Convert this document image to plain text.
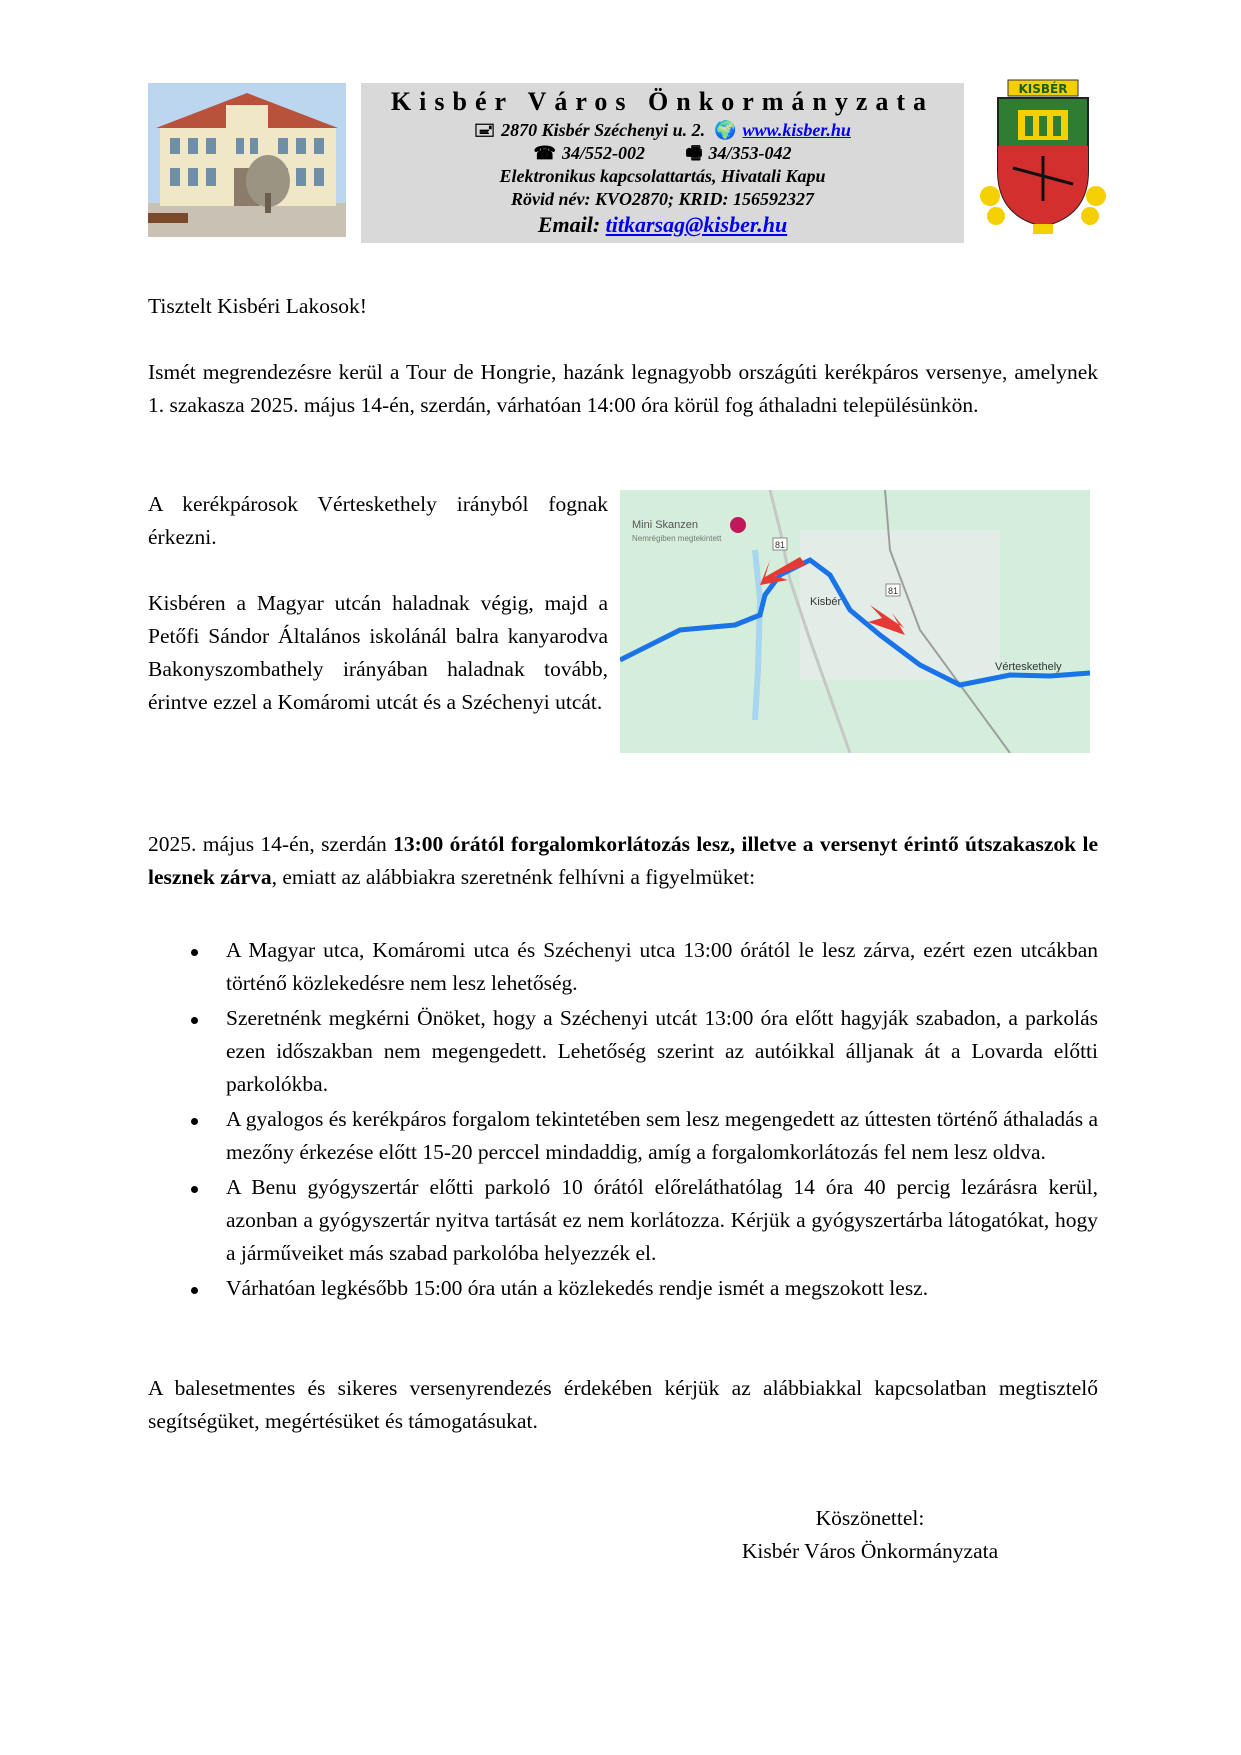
Kisbér Város Önkormányzata
🖃 2870 Kisbér Széchenyi u. 2. 🌍 www.kisber.hu
☎ 34/552-002 🖷 34/353-042
Elektronikus kapcsolattartás, Hivatali Kapu
Rövid név: KVO2870; KRID: 156592327
Email: titkarsag@kisber.hu
KISBÉR
Tisztelt Kisbéri Lakosok!
Ismét megrendezésre kerül a Tour de Hongrie, hazánk legnagyobb országúti kerékpáros versenye, amelynek 1. szakasza 2025. május 14-én, szerdán, várhatóan 14:00 óra körül fog áthaladni településünkön.

A kerékpárosok Vérteskethely irányból fognak érkezni.

Kisbéren a Magyar utcán haladnak végig, majd a Petőfi Sándor Általános iskolánál balra kanyarodva Bakonyszombathely irányában haladnak tovább, érintve ezzel a Komáromi utcát és a Széchenyi utcát.

Mini Skanzen
Nemrégiben megtekintett
Kisbér
Vérteskethely
81
81
2025. május 14-én, szerdán 13:00 órától forgalomkorlátozás lesz, illetve a versenyt érintő útszakaszok le lesznek zárva, emiatt az alábbiakra szeretnénk felhívni a figyelmüket:
A Magyar utca, Komáromi utca és Széchenyi utca 13:00 órától le lesz zárva, ezért ezen utcákban történő közlekedésre nem lesz lehetőség.
Szeretnénk megkérni Önöket, hogy a Széchenyi utcát 13:00 óra előtt hagyják szabadon, a parkolás ezen időszakban nem megengedett. Lehetőség szerint az autóikkal álljanak át a Lovarda előtti parkolókba.
A gyalogos és kerékpáros forgalom tekintetében sem lesz megengedett az úttesten történő áthaladás a mezőny érkezése előtt 15-20 perccel mindaddig, amíg a forgalomkorlátozás fel nem lesz oldva.
A Benu gyógyszertár előtti parkoló 10 órától előreláthatólag 14 óra 40 percig lezárásra kerül, azonban a gyógyszertár nyitva tartását ez nem korlátozza. Kérjük a gyógyszertárba látogatókat, hogy a járműveiket más szabad parkolóba helyezzék el.
Várhatóan legkésőbb 15:00 óra után a közlekedés rendje ismét a megszokott lesz.
A balesetmentes és sikeres versenyrendezés érdekében kérjük az alábbiakkal kapcsolatban megtisztelő segítségüket, megértésüket és támogatásukat.
Köszönettel:
Kisbér Város Önkormányzata
